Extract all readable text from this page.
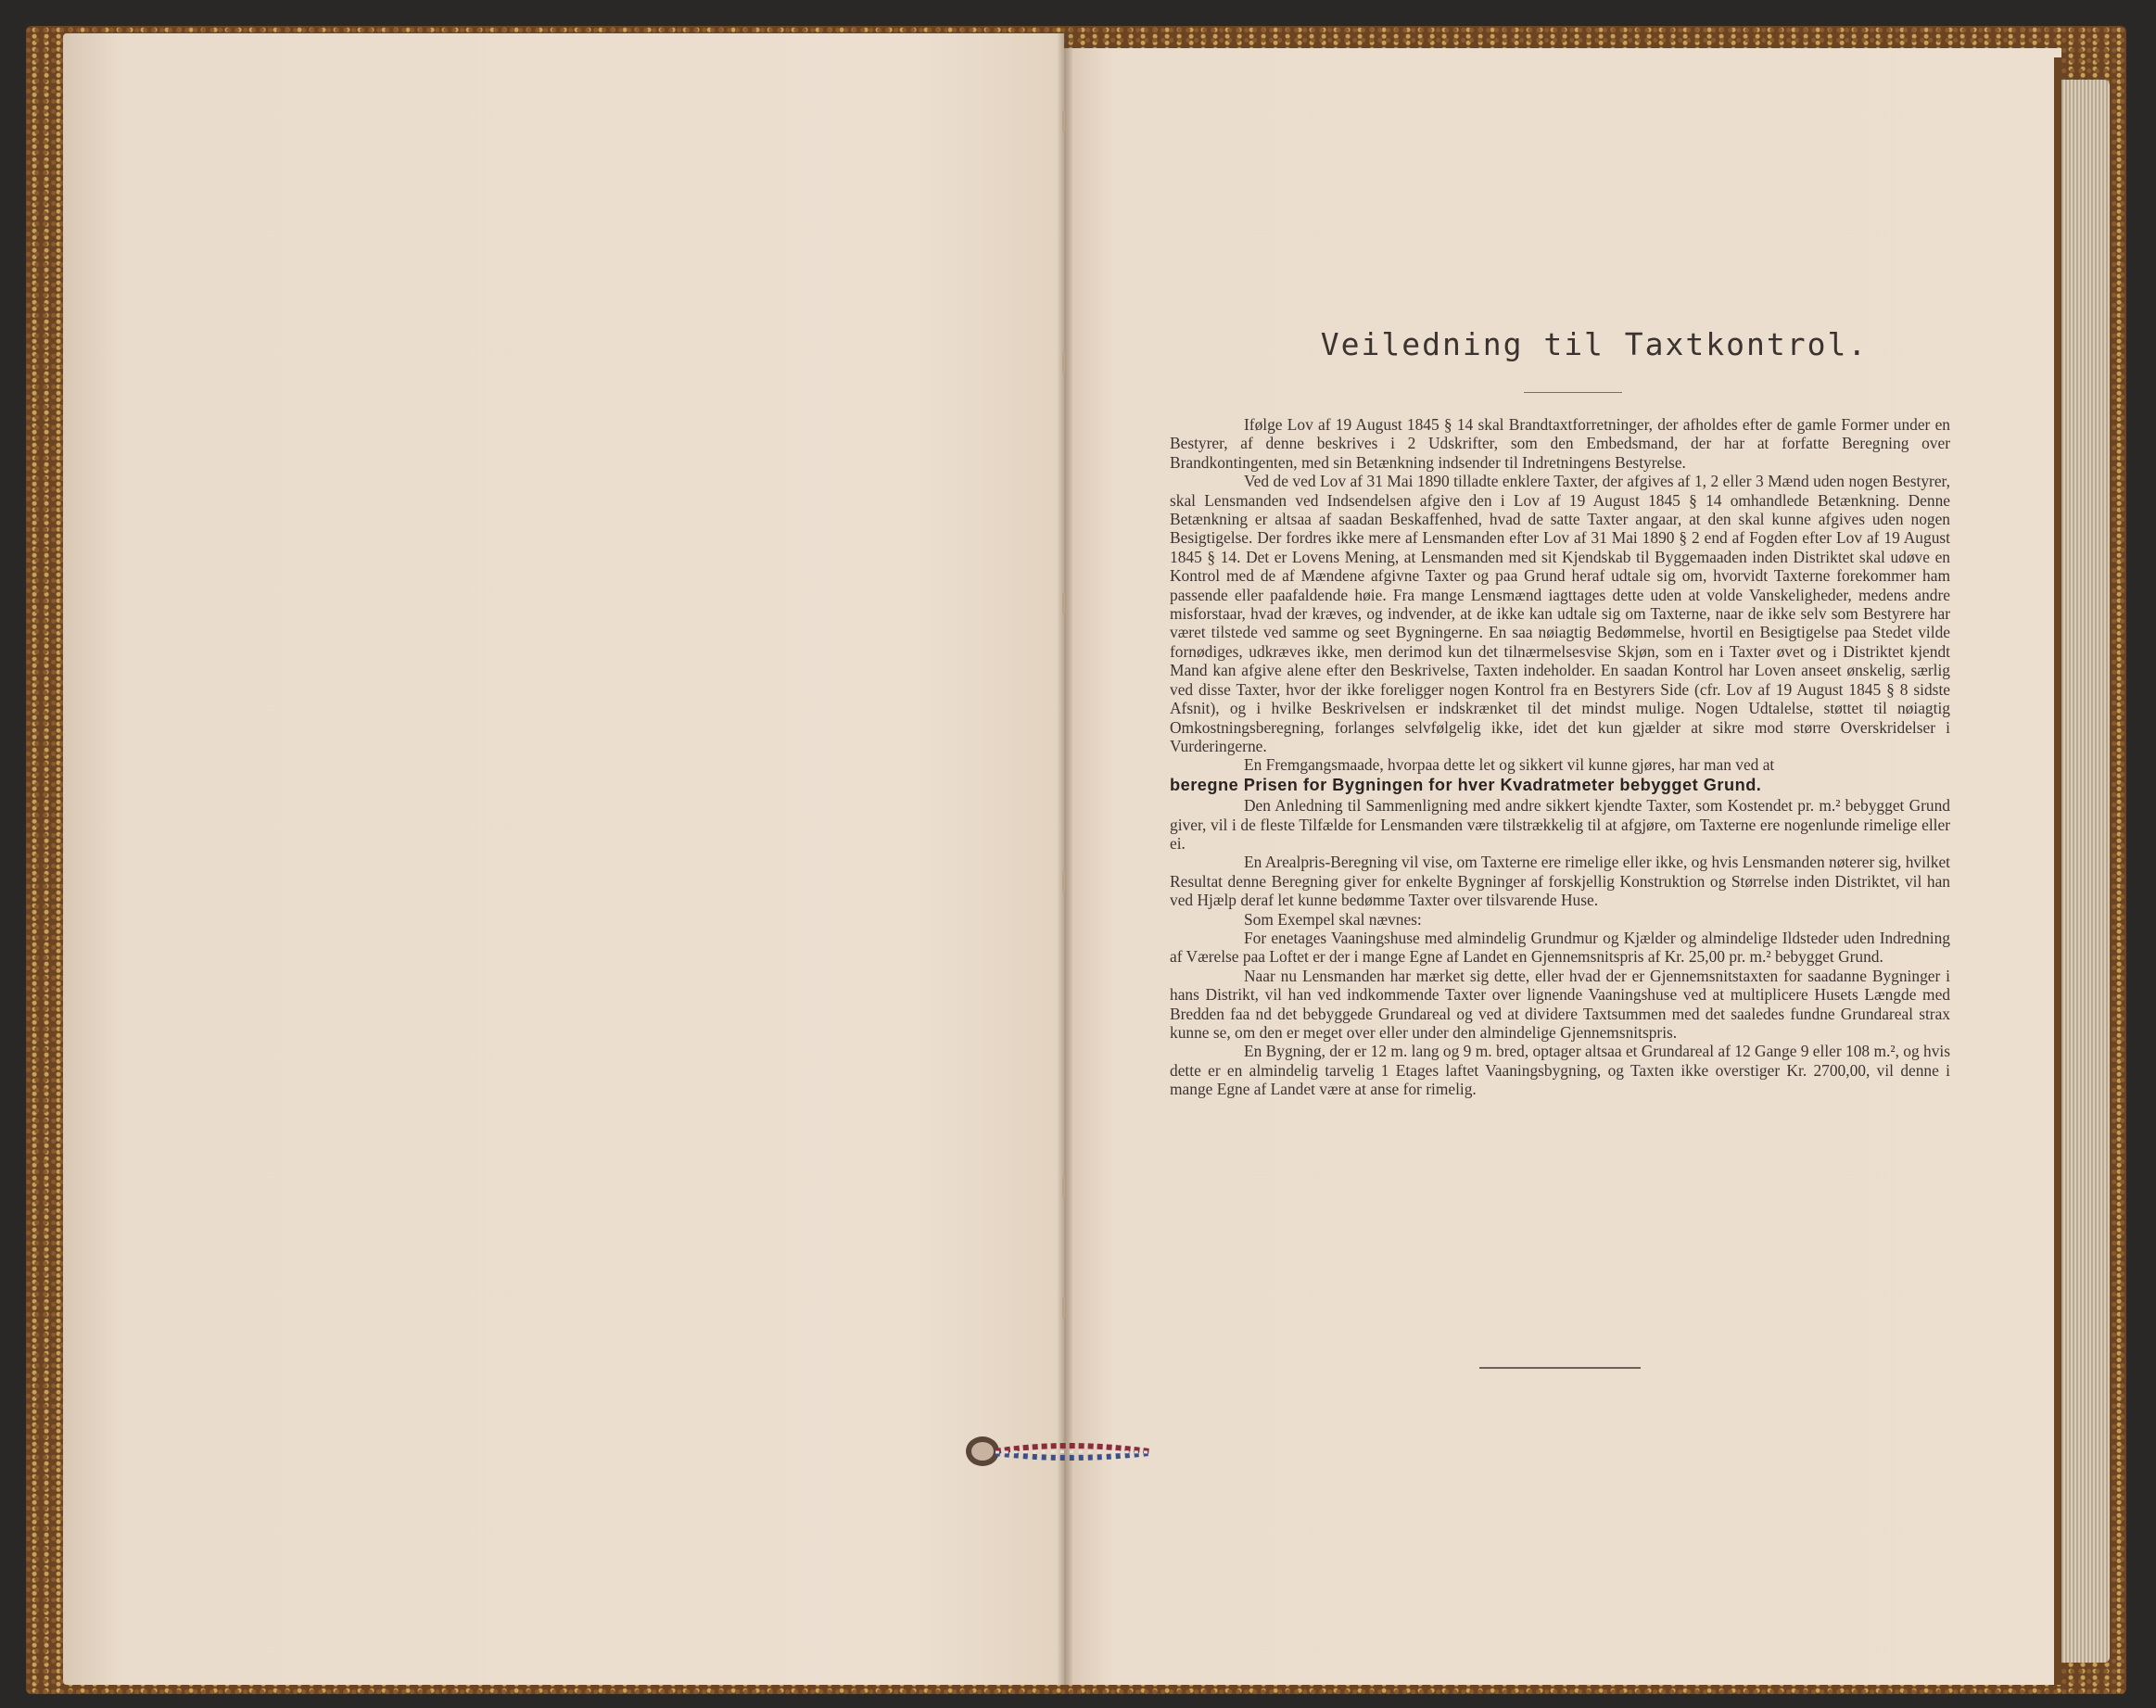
Veiledning til Taxtkontrol.

Ifølge Lov af 19 August 1845 § 14 skal Brandtaxtforretninger, der afholdes efter de gamle Former under en Bestyrer, af denne beskrives i 2 Udskrifter, som den Embedsmand, der har at forfatte Beregning over Brandkontingenten, med sin Betænkning indsender til Indretningens Bestyrelse.

Ved de ved Lov af 31 Mai 1890 tilladte enklere Taxter, der afgives af 1, 2 eller 3 Mænd uden nogen Bestyrer, skal Lensmanden ved Indsendelsen afgive den i Lov af 19 August 1845 § 14 omhandlede Betænkning. Denne Betænkning er altsaa af saadan Beskaffenhed, hvad de satte Taxter angaar, at den skal kunne afgives uden nogen Besigtigelse. Der fordres ikke mere af Lensmanden efter Lov af 31 Mai 1890 § 2 end af Fogden efter Lov af 19 August 1845 § 14. Det er Lovens Mening, at Lensmanden med sit Kjendskab til Byggemaaden inden Distriktet skal udøve en Kontrol med de af Mændene afgivne Taxter og paa Grund heraf udtale sig om, hvorvidt Taxterne forekommer ham passende eller paafaldende høie. Fra mange Lensmænd iagttages dette uden at volde Vanskeligheder, medens andre misforstaar, hvad der kræves, og indvender, at de ikke kan udtale sig om Taxterne, naar de ikke selv som Bestyrere har været tilstede ved samme og seet Bygningerne. En saa nøiagtig Bedømmelse, hvortil en Besigtigelse paa Stedet vilde fornødiges, udkræves ikke, men derimod kun det tilnærmelsesvise Skjøn, som en i Taxter øvet og i Distriktet kjendt Mand kan afgive alene efter den Beskrivelse, Taxten indeholder. En saadan Kontrol har Loven anseet ønskelig, særlig ved disse Taxter, hvor der ikke foreligger nogen Kontrol fra en Bestyrers Side (cfr. Lov af 19 August 1845 § 8 sidste Afsnit), og i hvilke Beskrivelsen er indskrænket til det mindst mulige. Nogen Udtalelse, støttet til nøiagtig Omkostningsberegning, forlanges selvfølgelig ikke, idet det kun gjælder at sikre mod større Overskridelser i Vurderingerne.

En Fremgangsmaade, hvorpaa dette let og sikkert vil kunne gjøres, har man ved at

beregne Prisen for Bygningen for hver Kvadratmeter bebygget Grund.

Den Anledning til Sammenligning med andre sikkert kjendte Taxter, som Kostendet pr. m.² bebygget Grund giver, vil i de fleste Tilfælde for Lensmanden være tilstrækkelig til at afgjøre, om Taxterne ere nogenlunde rimelige eller ei.

En Arealpris-Beregning vil vise, om Taxterne ere rimelige eller ikke, og hvis Lensmanden nøterer sig, hvilket Resultat denne Beregning giver for enkelte Bygninger af forskjellig Konstruktion og Størrelse inden Distriktet, vil han ved Hjælp deraf let kunne bedømme Taxter over tilsvarende Huse.

Som Exempel skal nævnes:

For enetages Vaaningshuse med almindelig Grundmur og Kjælder og almindelige Ildsteder uden Indredning af Værelse paa Loftet er der i mange Egne af Landet en Gjennemsnitspris af Kr. 25,00 pr. m.² bebygget Grund.

Naar nu Lensmanden har mærket sig dette, eller hvad der er Gjennemsnitstaxten for saadanne Bygninger i hans Distrikt, vil han ved indkommende Taxter over lignende Vaaningshuse ved at multiplicere Husets Længde med Bredden faa nd det bebyggede Grundareal og ved at dividere Taxtsummen med det saaledes fundne Grundareal strax kunne se, om den er meget over eller under den almindelige Gjennemsnitspris.

En Bygning, der er 12 m. lang og 9 m. bred, optager altsaa et Grundareal af 12 Gange 9 eller 108 m.², og hvis dette er en almindelig tarvelig 1 Etages laftet Vaaningsbygning, og Taxten ikke overstiger Kr. 2700,00, vil denne i mange Egne af Landet være at anse for rimelig.
